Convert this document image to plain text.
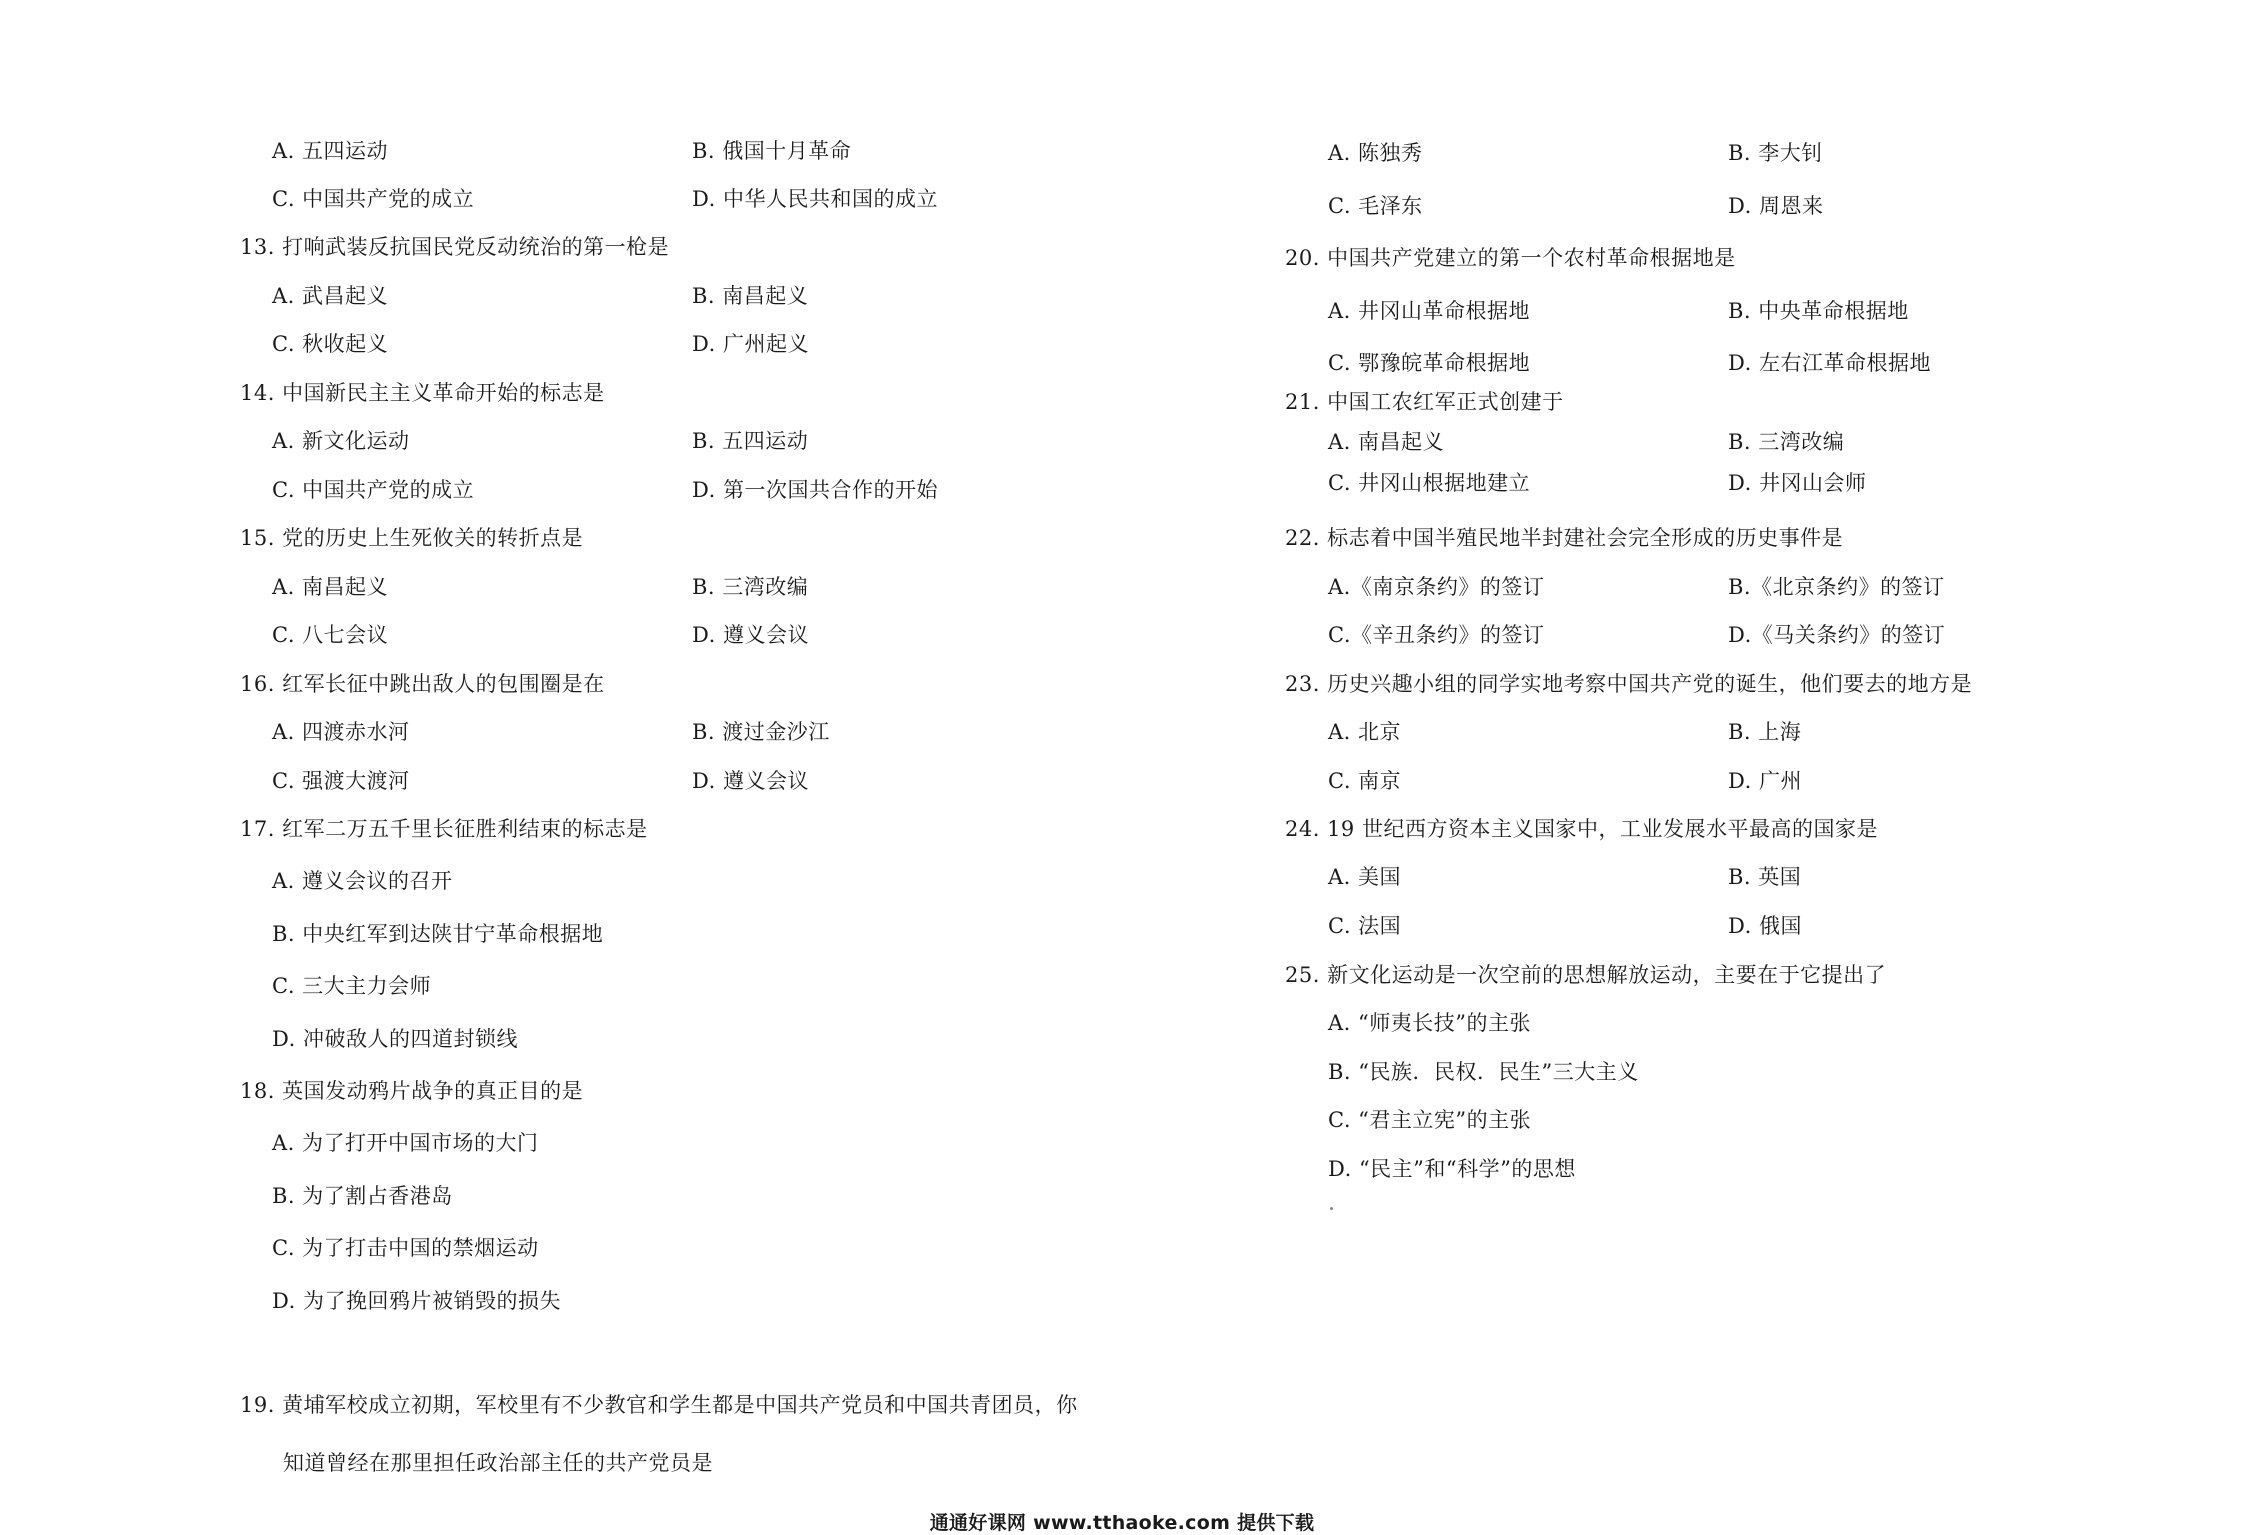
A. 五四运动	B. 俄国十月革命
C. 中国共产党的成立	D. 中华人民共和国的成立
13. 打响武装反抗国民党反动统治的第一枪是
A. 武昌起义	B. 南昌起义
C. 秋收起义	D. 广州起义
14. 中国新民主主义革命开始的标志是
A. 新文化运动	B. 五四运动
C. 中国共产党的成立	D. 第一次国共合作的开始
15. 党的历史上生死攸关的转折点是
A. 南昌起义	B. 三湾改编
C. 八七会议	D. 遵义会议
16. 红军长征中跳出敌人的包围圈是在
A. 四渡赤水河	B. 渡过金沙江
C. 强渡大渡河	D. 遵义会议
17. 红军二万五千里长征胜利结束的标志是
A. 遵义会议的召开
B. 中央红军到达陕甘宁革命根据地
C. 三大主力会师
D. 冲破敌人的四道封锁线
18. 英国发动鸦片战争的真正目的是
A. 为了打开中国市场的大门
B. 为了割占香港岛
C. 为了打击中国的禁烟运动
D. 为了挽回鸦片被销毁的损失
19. 黄埔军校成立初期，军校里有不少教官和学生都是中国共产党员和中国共青团员，你
知道曾经在那里担任政治部主任的共产党员是
A. 陈独秀	B. 李大钊
C. 毛泽东	D. 周恩来
20. 中国共产党建立的第一个农村革命根据地是
A. 井冈山革命根据地	B. 中央革命根据地
C. 鄂豫皖革命根据地	D. 左右江革命根据地
21. 中国工农红军正式创建于
A. 南昌起义	B. 三湾改编
C. 井冈山根据地建立	D. 井冈山会师
22. 标志着中国半殖民地半封建社会完全形成的历史事件是
A.《南京条约》的签订	B.《北京条约》的签订
C.《辛丑条约》的签订	D.《马关条约》的签订
23. 历史兴趣小组的同学实地考察中国共产党的诞生，他们要去的地方是
A. 北京	B. 上海
C. 南京	D. 广州
24. 19 世纪西方资本主义国家中，工业发展水平最高的国家是
A. 美国	B. 英国
C. 法国	D. 俄国
25. 新文化运动是一次空前的思想解放运动，主要在于它提出了
A. “师夷长技”的主张
B. “民族．民权．民生”三大主义
C. “君主立宪”的主张
D. “民主”和“科学”的思想
通通好课网 www.tthaoke.com 提供下载
